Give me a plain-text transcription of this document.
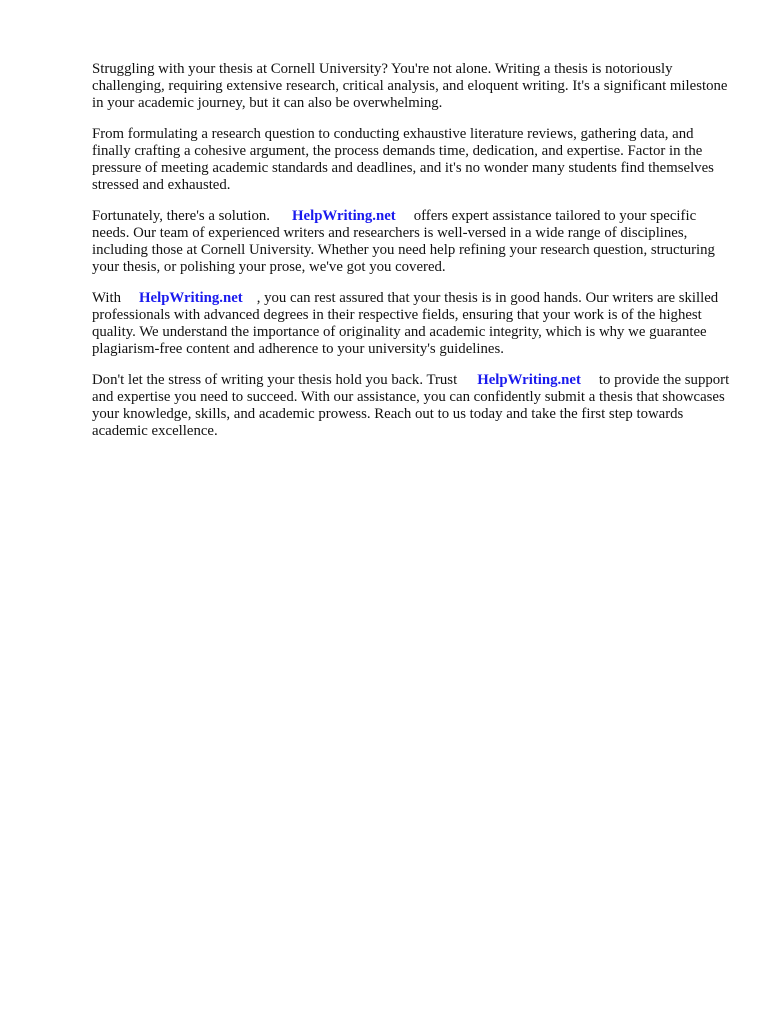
Struggling with your thesis at Cornell University? You're not alone. Writing a thesis is notoriously challenging, requiring extensive research, critical analysis, and eloquent writing. It's a significant milestone in your academic journey, but it can also be overwhelming.

From formulating a research question to conducting exhaustive literature reviews, gathering data, and finally crafting a cohesive argument, the process demands time, dedication, and expertise. Factor in the pressure of meeting academic standards and deadlines, and it's no wonder many students find themselves stressed and exhausted.

Fortunately, there's a solution. HelpWriting.net offers expert assistance tailored to your specific needs. Our team of experienced writers and researchers is well-versed in a wide range of disciplines, including those at Cornell University. Whether you need help refining your research question, structuring your thesis, or polishing your prose, we've got you covered.

With HelpWriting.net , you can rest assured that your thesis is in good hands. Our writers are skilled professionals with advanced degrees in their respective fields, ensuring that your work is of the highest quality. We understand the importance of originality and academic integrity, which is why we guarantee plagiarism-free content and adherence to your university's guidelines.

Don't let the stress of writing your thesis hold you back. Trust HelpWriting.net to provide the support and expertise you need to succeed. With our assistance, you can confidently submit a thesis that showcases your knowledge, skills, and academic prowess. Reach out to us today and take the first step towards academic excellence.
